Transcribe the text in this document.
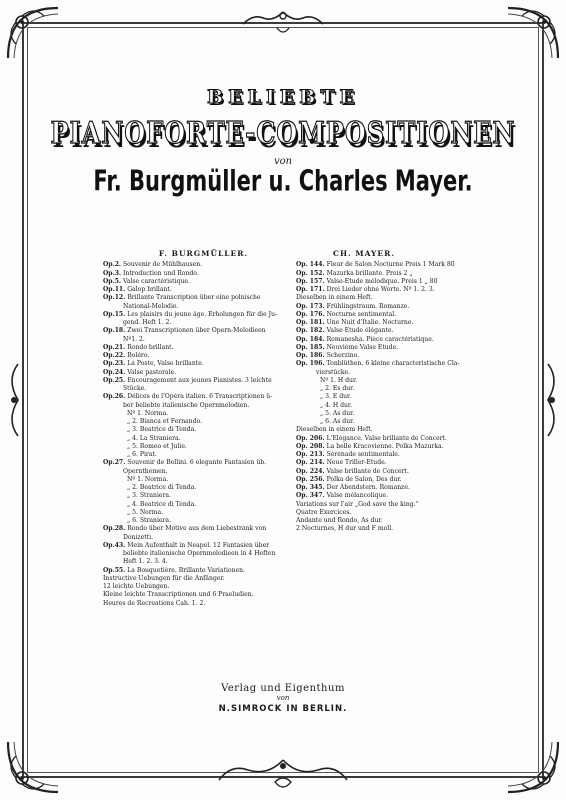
BELIEBTE
PIANOFORTE-COMPOSITIONEN
von
Fr. Burgmüller u. Charles Mayer.
F. BURGMÜLLER.
Op.2. Souvenir de Mühlhausen.
Op.3. Introduction und Rondo.
Op.5. Valse caractéristique.
Op.11. Galop brillant.
Op.12. Brillante Transcription über eine polnische
National-Melodie.
Op.15. Les plaisirs du jeune âge. Erholungen für die Ju-
gend. Heft 1. 2.
Op.18. Zwei Transcriptionen über Opern-Melodieen
Nº1. 2.
Op.21. Rondo brillant.
Op.22. Boléro.
Op.23. La Poste, Valse brillante.
Op.24. Valse pastorale.
Op.25. Encouragement aux jeunes Pianistes. 3 leichte
Stücke.
Op.26. Délices de l'Opéra italien. 6 Transcriptionen ü-
ber beliebte italienische Opernmelodien.
Nº 1. Norma.
„ 2. Bianca et Fernando.
„ 3. Beatrice di Tenda.
„ 4. La Straniera.
„ 5. Romeo et Julie.
„ 6. Pirat.
Op.27. Souvenir de Bellini. 6 elegante Fantasien üb.
Opernthemen.
Nº 1. Norma.
„ 2. Beatrice di Tenda.
„ 3. Straniera.
„ 4. Beatrice di Tenda.
„ 5. Norma.
„ 6. Straniera.
Op.28. Rondo über Motive aus dem Liebestrank von
Donizetti.
Op.43. Mein Aufenthalt in Neapel. 12 Fantasien über
beliebte italienische Opernmelodieen in 4 Heften
Heft 1. 2. 3. 4.
Op.55. La Bouquetière. Brillante Variationen.
Instructive Uebungen für die Anfänger.
12 leichte Uebungen.
Kleine leichte Transcriptionen und 6 Praeludien.
Heures de Recreations Cah. 1. 2.
CH. MAYER.
Op. 144. Fleur de Salon Nocturne Preis 1 Mark 80
Op. 152. Mazurka brillante. Preis 2 „
Op. 157. Valse-Etude mélodique. Preis 1 „ 80
Op. 171. Drei Lieder ohne Worte. Nº 1. 2. 3.
Dieselben in einem Heft.
Op. 173. Frühlingstraum. Romanze.
Op. 176. Nocturne sentimental.
Op. 181. Une Nuit d'Italie. Nocturne.
Op. 182. Valse Etude élégante.
Op. 184. Romanesha. Pièce caractéristique.
Op. 185. Neuvième Valse Etude.
Op. 186. Scherzino.
Op. 196. Tonblüthen. 6 kleine characteristische Cla-
vierstücke.
Nº 1. H dur.
„ 2. Es dur.
„ 3. E dur.
„ 4. H dur.
„ 5. As dur.
„ 6. As dur.
Dieselben in einem Heft.
Op. 206. L'Élégance. Valse brillante de Concert.
Op. 208. La belle Kracovienne. Polka Mazurka.
Op. 213. Sérénade sentimentale.
Op. 214. Neue Triller-Etude.
Op. 224. Valse brillante de Concert.
Op. 256. Polka de Salon, Des dur.
Op. 345. Der Abendstern. Romanze.
Op. 347. Valse mélancolique.
Variations sur l'air „God save the king.“
Quatre Exercices.
Andante und Rondo, As dur.
2 Nocturnes, H dur und F moll.
Verlag und Eigenthum
von
N.SIMROCK IN BERLIN.
